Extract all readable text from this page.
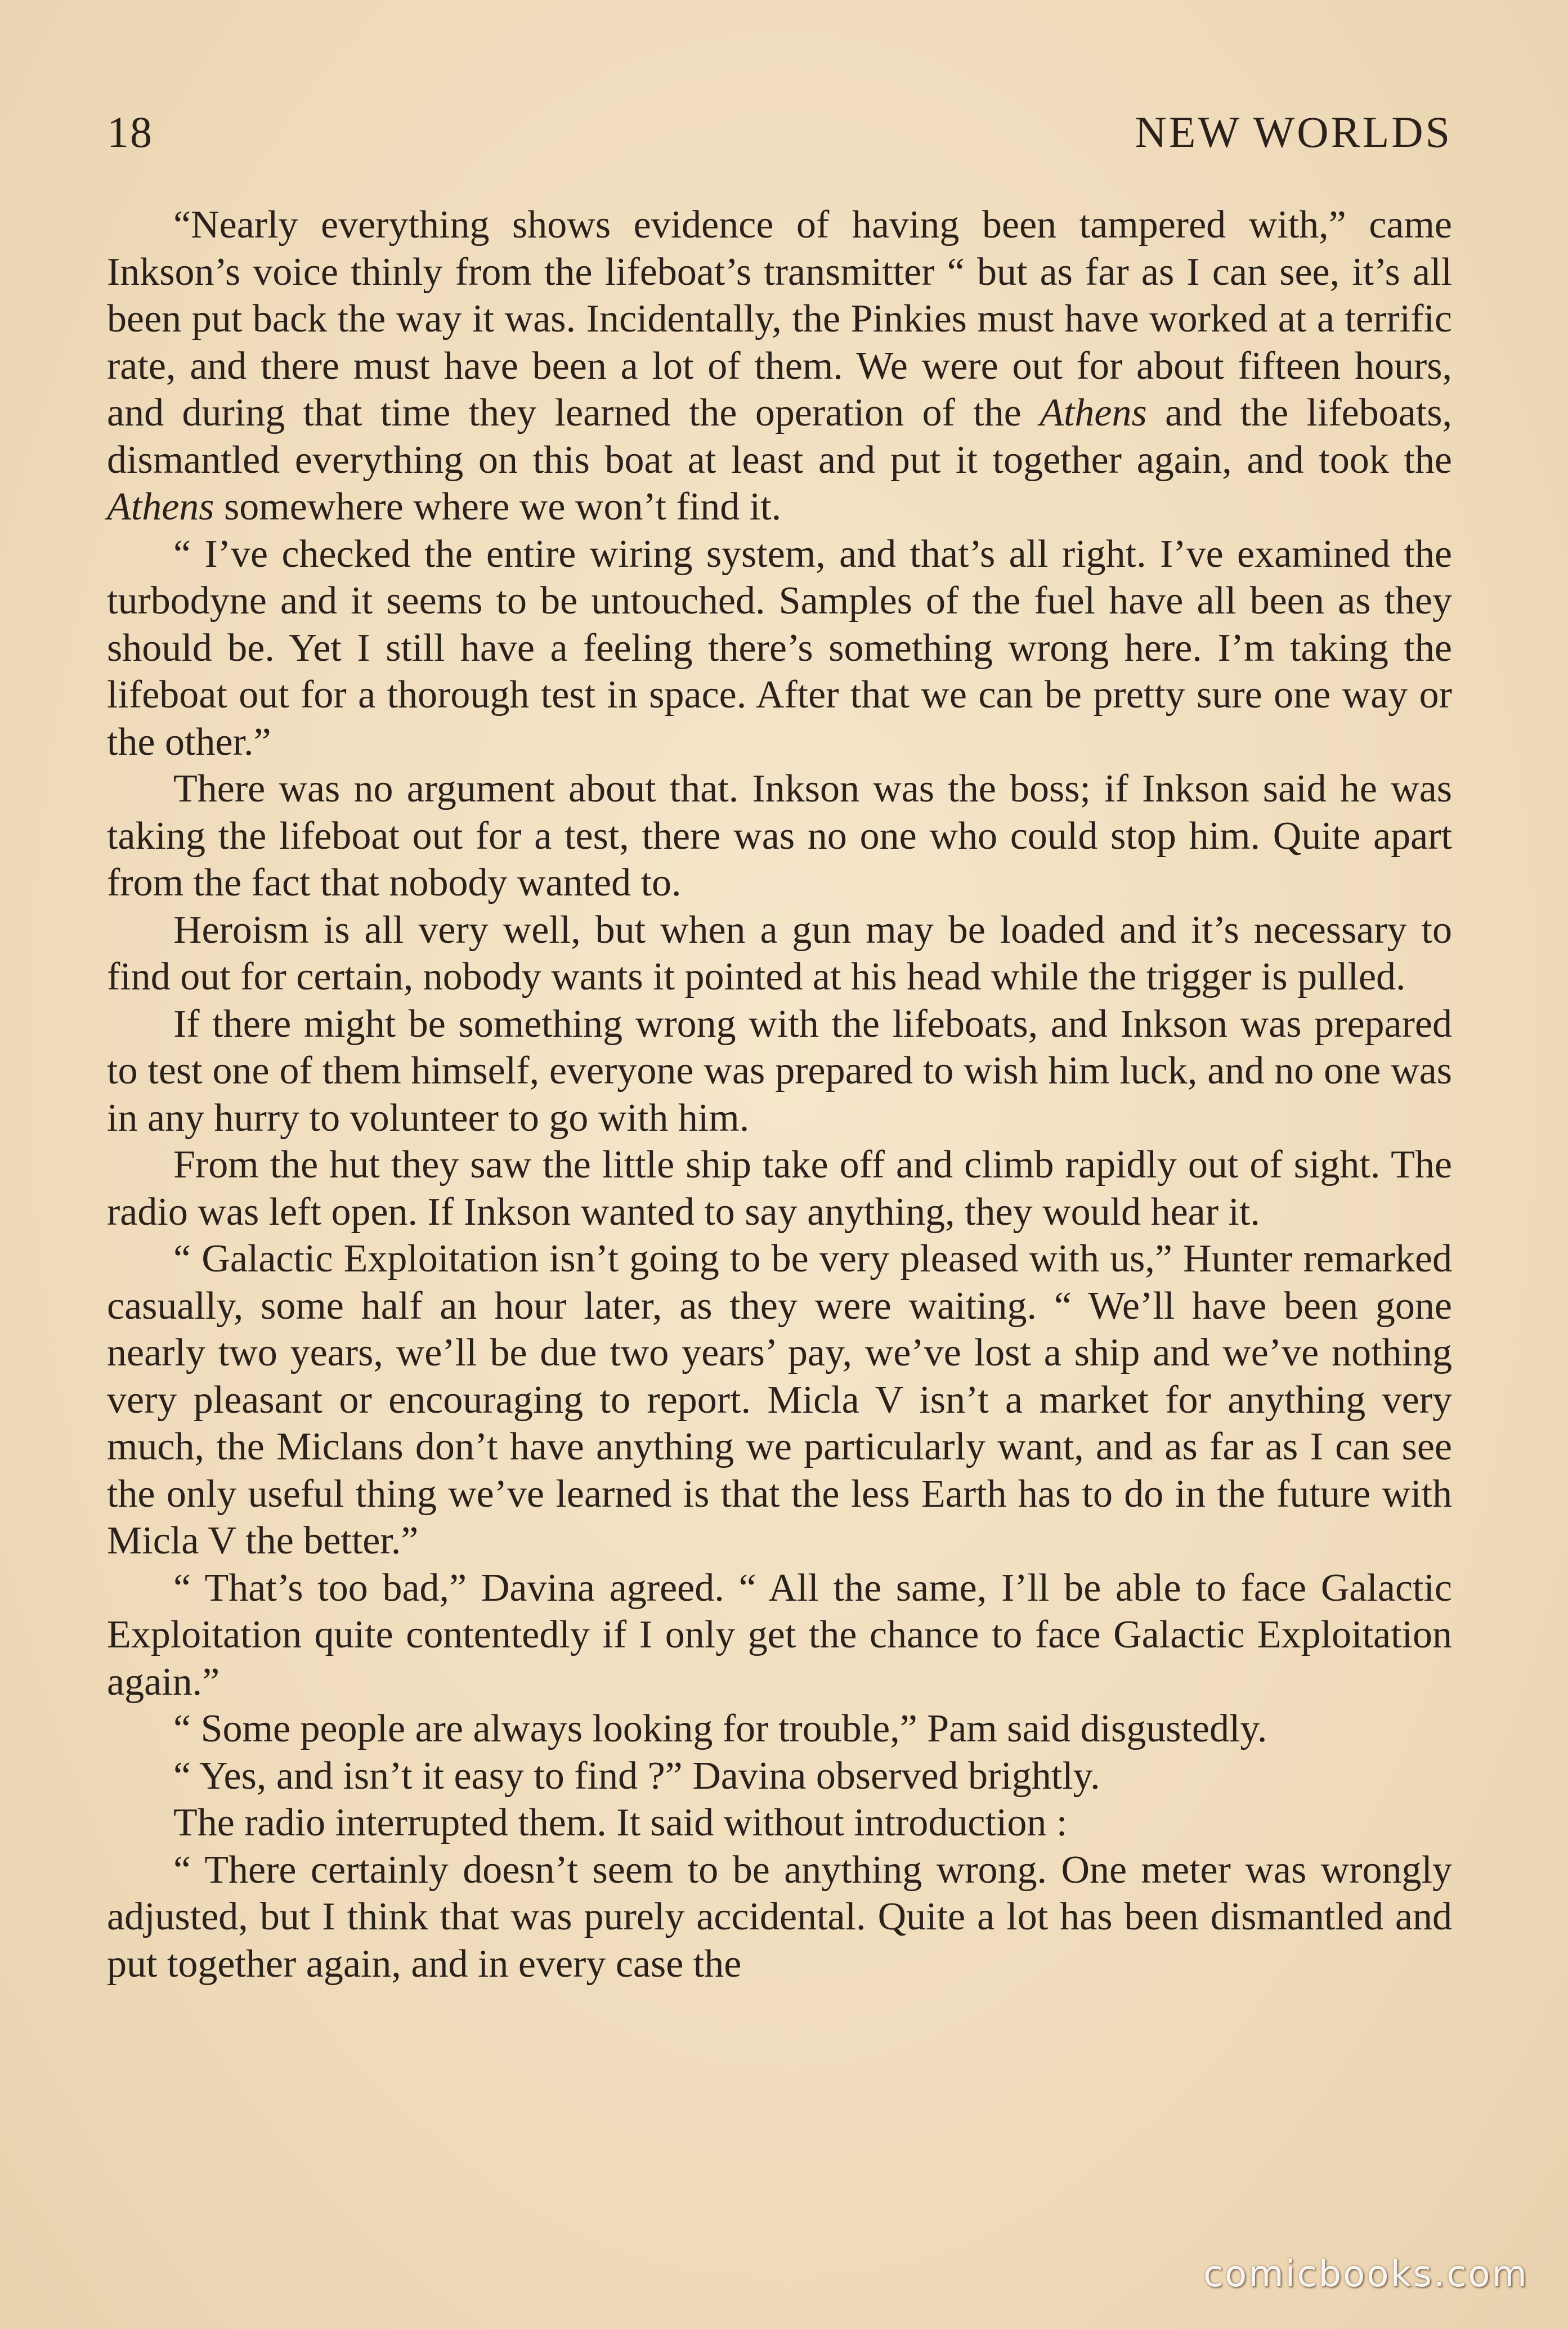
18	NEW WORLDS

“Nearly everything shows evidence of having been tampered with,” came Inkson’s voice thinly from the lifeboat’s transmitter “ but as far as I can see, it’s all been put back the way it was. Incidentally, the Pinkies must have worked at a terrific rate, and there must have been a lot of them. We were out for about fifteen hours, and during that time they learned the operation of the Athens and the lifeboats, dismantled everything on this boat at least and put it together again, and took the Athens somewhere where we won’t find it.

“ I’ve checked the entire wiring system, and that’s all right. I’ve examined the turbodyne and it seems to be untouched. Samples of the fuel have all been as they should be. Yet I still have a feeling there’s something wrong here. I’m taking the lifeboat out for a thorough test in space. After that we can be pretty sure one way or the other.”

There was no argument about that. Inkson was the boss; if Inkson said he was taking the lifeboat out for a test, there was no one who could stop him. Quite apart from the fact that nobody wanted to.

Heroism is all very well, but when a gun may be loaded and it’s necessary to find out for certain, nobody wants it pointed at his head while the trigger is pulled.

If there might be something wrong with the lifeboats, and Inkson was prepared to test one of them himself, everyone was prepared to wish him luck, and no one was in any hurry to volunteer to go with him.

From the hut they saw the little ship take off and climb rapidly out of sight. The radio was left open. If Inkson wanted to say anything, they would hear it.

“ Galactic Exploitation isn’t going to be very pleased with us,” Hunter remarked casually, some half an hour later, as they were waiting. “ We’ll have been gone nearly two years, we’ll be due two years’ pay, we’ve lost a ship and we’ve nothing very pleasant or encouraging to report. Micla V isn’t a market for anything very much, the Miclans don’t have anything we particularly want, and as far as I can see the only useful thing we’ve learned is that the less Earth has to do in the future with Micla V the better.”

“ That’s too bad,” Davina agreed. “ All the same, I’ll be able to face Galactic Exploitation quite contentedly if I only get the chance to face Galactic Exploitation again.”

“ Some people are always looking for trouble,” Pam said disgustedly.

“ Yes, and isn’t it easy to find ?” Davina observed brightly.

The radio interrupted them. It said without introduction :

“ There certainly doesn’t seem to be anything wrong. One meter was wrongly adjusted, but I think that was purely accidental. Quite a lot has been dismantled and put together again, and in every case the

comicbooks.com
